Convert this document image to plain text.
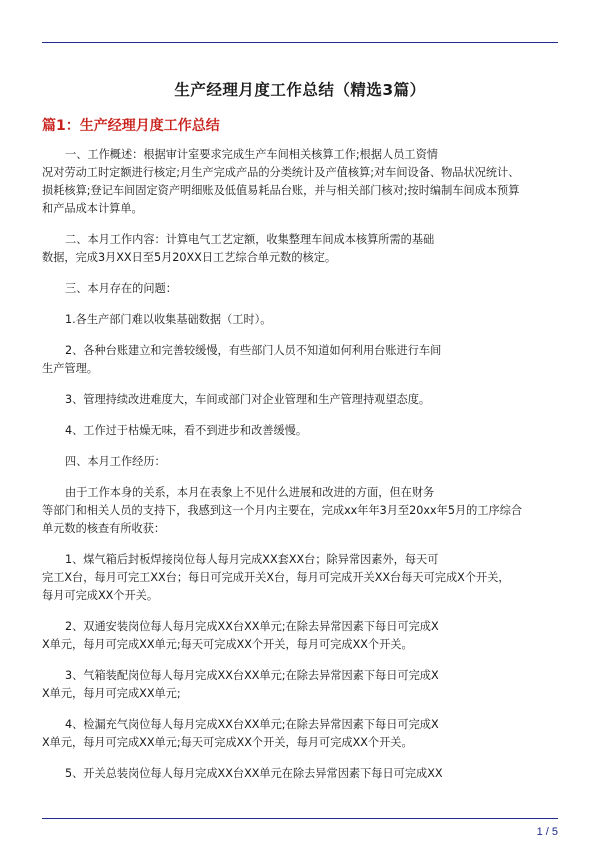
生产经理月度工作总结（精选3篇）
篇1：生产经理月度工作总结
一、工作概述：根据审计室要求完成生产车间相关核算工作;根据人员工资情
况对劳动工时定额进行核定;月生产完成产品的分类统计及产值核算;对车间设备、物品状况统计、
损耗核算;登记车间固定资产明细账及低值易耗品台账，并与相关部门核对;按时编制车间成本预算
和产品成本计算单。
二、本月工作内容：计算电气工艺定额，收集整理车间成本核算所需的基础
数据，完成3月XX日至5月20XX日工艺综合单元数的核定。
三、本月存在的问题：
1.各生产部门难以收集基础数据（工时）。
2、各种台账建立和完善较缓慢，有些部门人员不知道如何利用台账进行车间
生产管理。
3、管理持续改进难度大，车间或部门对企业管理和生产管理持观望态度。
4、工作过于枯燥无味，看不到进步和改善缓慢。
四、本月工作经历：
由于工作本身的关系，本月在表象上不见什么进展和改进的方面，但在财务
等部门和相关人员的支持下，我感到这一个月内主要在，完成xx年年3月至20xx年5月的工序综合
单元数的核查有所收获：
1、煤气箱后封板焊接岗位每人每月完成XX套XX台；除异常因素外，每天可
完工X台，每月可完工XX台；每日可完成开关X台，每月可完成开关XX台每天可完成X个开关，
每月可完成XX个开关。
2、双通安装岗位每人每月完成XX台XX单元;在除去异常因素下每日可完成X
X单元，每月可完成XX单元;每天可完成XX个开关，每月可完成XX个开关。
3、气箱装配岗位每人每月完成XX台XX单元;在除去异常因素下每日可完成X
X单元，每月可完成XX单元;
4、检漏充气岗位每人每月完成XX台XX单元;在除去异常因素下每日可完成X
X单元，每月可完成XX单元;每天可完成XX个开关，每月可完成XX个开关。
5、开关总装岗位每人每月完成XX台XX单元在除去异常因素下每日可完成XX
1 / 5
